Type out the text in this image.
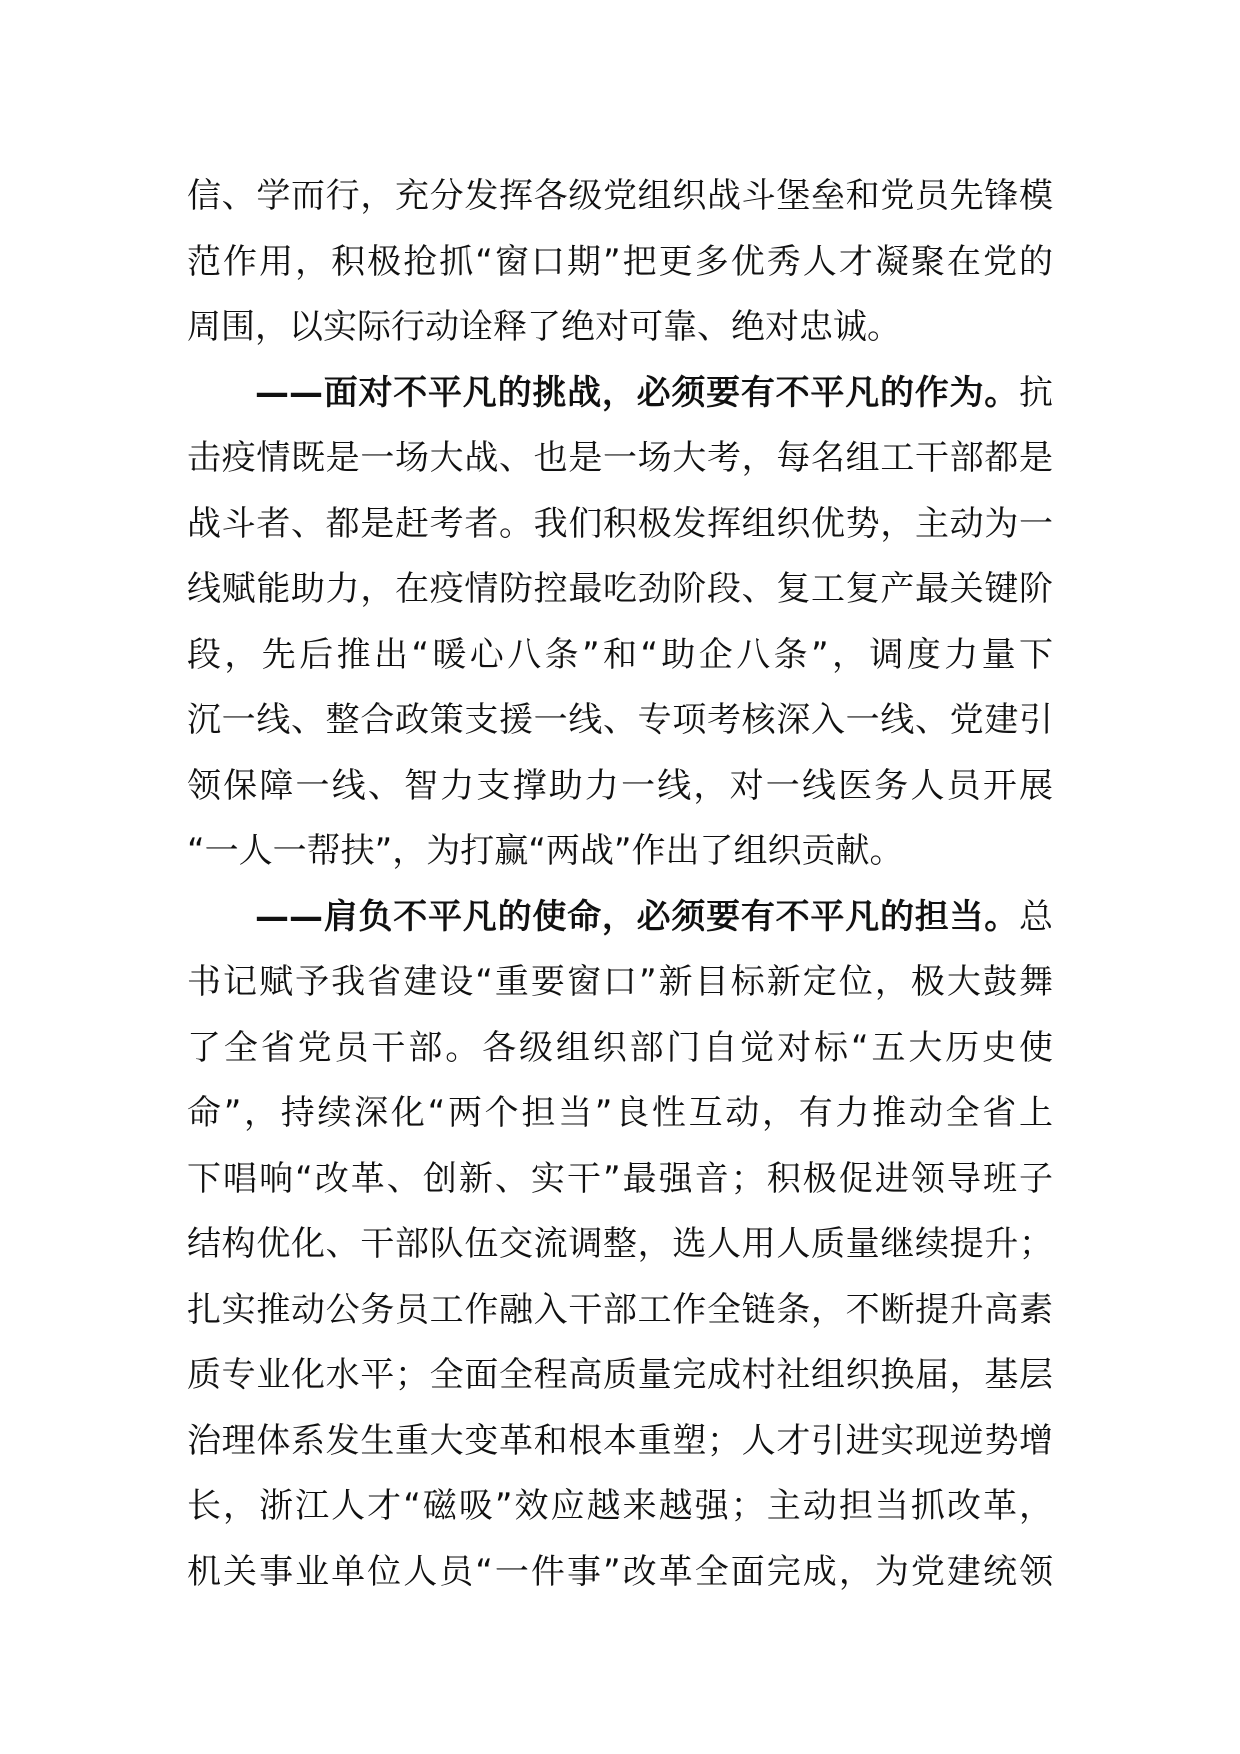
信、学而行，充分发挥各级党组织战斗堡垒和党员先锋模
范作用，积极抢抓“窗口期”把更多优秀人才凝聚在党的
周围，以实际行动诠释了绝对可靠、绝对忠诚。

——面对不平凡的挑战，必须要有不平凡的作为。抗
击疫情既是一场大战、也是一场大考，每名组工干部都是
战斗者、都是赶考者。我们积极发挥组织优势，主动为一
线赋能助力，在疫情防控最吃劲阶段、复工复产最关键阶
段，先后推出“暖心八条”和“助企八条”，调度力量下
沉一线、整合政策支援一线、专项考核深入一线、党建引
领保障一线、智力支撑助力一线，对一线医务人员开展
“一人一帮扶”，为打赢“两战”作出了组织贡献。

——肩负不平凡的使命，必须要有不平凡的担当。总
书记赋予我省建设“重要窗口”新目标新定位，极大鼓舞
了全省党员干部。各级组织部门自觉对标“五大历史使
命”，持续深化“两个担当”良性互动，有力推动全省上
下唱响“改革、创新、实干”最强音；积极促进领导班子
结构优化、干部队伍交流调整，选人用人质量继续提升；
扎实推动公务员工作融入干部工作全链条，不断提升高素
质专业化水平；全面全程高质量完成村社组织换届，基层
治理体系发生重大变革和根本重塑；人才引进实现逆势增
长，浙江人才“磁吸”效应越来越强；主动担当抓改革，
机关事业单位人员“一件事”改革全面完成，为党建统领
